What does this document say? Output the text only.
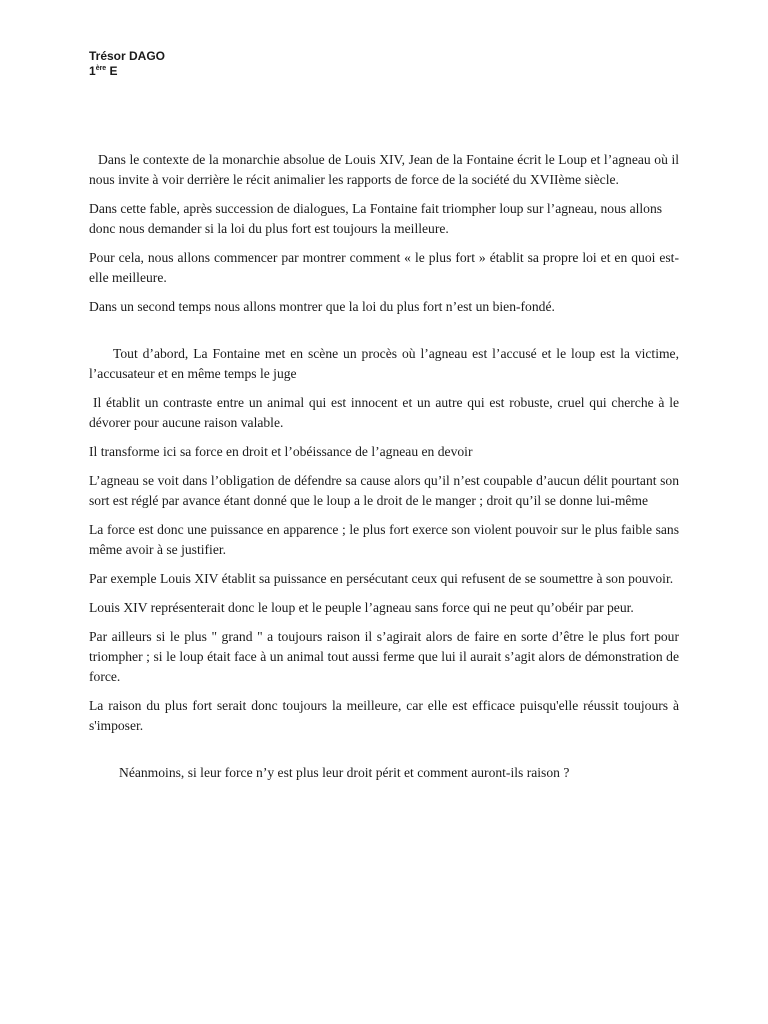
Trésor DAGO
1ère E

Dans le contexte de la monarchie absolue de Louis XIV, Jean de la Fontaine écrit le Loup et l’agneau où il nous invite à voir derrière le récit animalier les rapports de force de la société du XVIIème siècle.

Dans cette fable, après succession de dialogues, La Fontaine fait triompher loup sur l’agneau, nous allons donc nous demander si la loi du plus fort est toujours la meilleure.

Pour cela, nous allons commencer par montrer comment « le plus fort » établit sa propre loi et en quoi est-elle meilleure.

Dans un second temps nous allons montrer que la loi du plus fort n’est un bien-fondé.

Tout d’abord, La Fontaine met en scène un procès où l’agneau est l’accusé et le loup est la victime, l’accusateur et en même temps le juge

Il établit un contraste entre un animal qui est innocent et un autre qui est robuste, cruel qui cherche à le dévorer pour aucune raison valable.

Il transforme ici sa force en droit et l’obéissance de l’agneau en devoir

L’agneau se voit dans l’obligation de défendre sa cause alors qu’il n’est coupable d’aucun délit pourtant son sort est réglé par avance étant donné que le loup a le droit de le manger ; droit qu’il se donne lui-même

La force est donc une puissance en apparence ; le plus fort exerce son violent pouvoir sur le plus faible sans même avoir à se justifier.

Par exemple Louis XIV établit sa puissance en persécutant ceux qui refusent de se soumettre à son pouvoir.

Louis XIV représenterait donc le loup et le peuple l’agneau sans force qui ne peut qu’obéir par peur.

Par ailleurs si le plus " grand " a toujours raison il s’agirait alors de faire en sorte d’être le plus fort pour triompher ; si le loup était face à un animal tout aussi ferme que lui il aurait s’agit alors de démonstration de force.

La raison du plus fort serait donc toujours la meilleure, car elle est efficace puisqu'elle réussit toujours à s'imposer.

Néanmoins, si leur force n’y est plus leur droit périt et comment auront-ils raison ?
